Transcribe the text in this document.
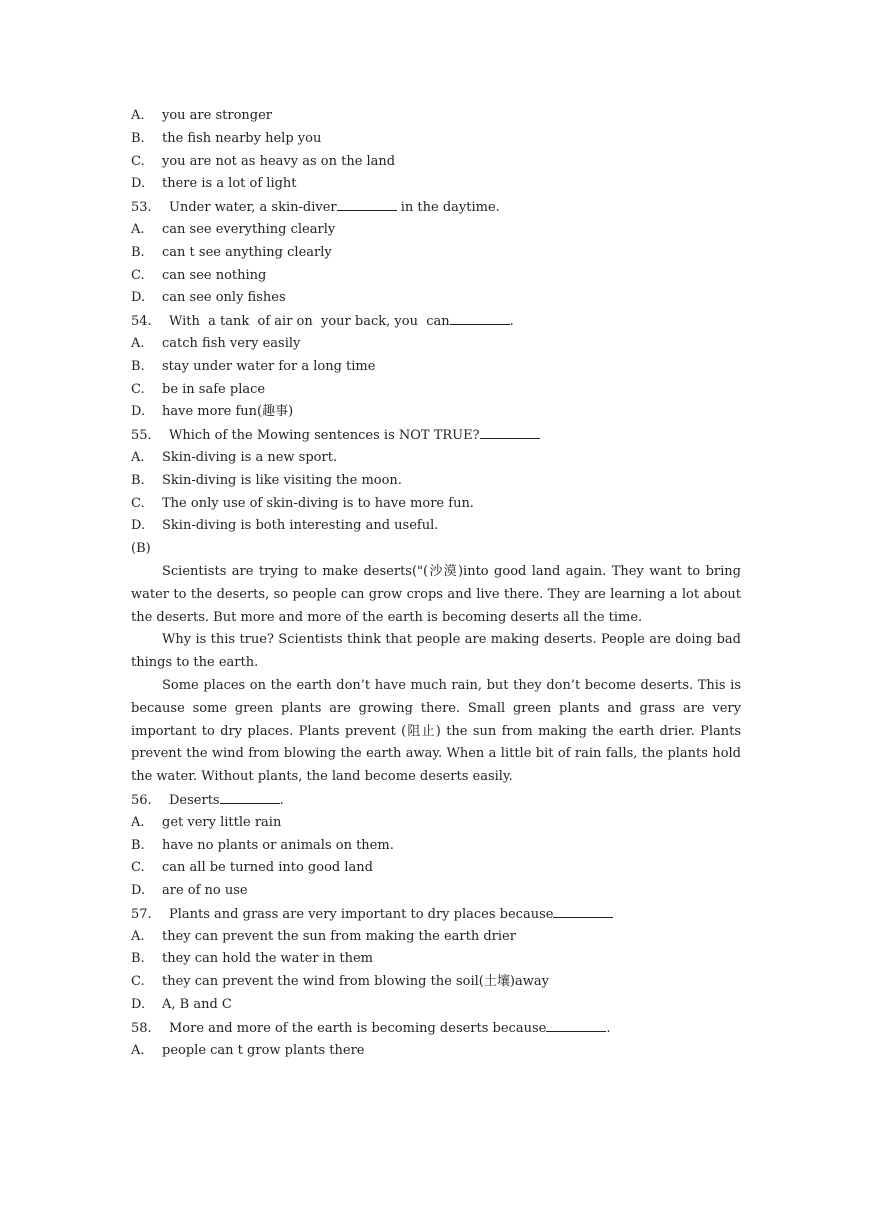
A.	you are stronger
B.	the fish nearby help you
C.	you are not as heavy as on the land
D.	there is a lot of light
53. Under water, a skin-diver	in the daytime.
A.	can see everything clearly
B.	can t see anything clearly
C.	can see nothing
D.	can see only fishes
54. With  a tank  of air on  your back, you  can	.
A.	catch fish very easily
B.	stay under water for a long time
C.	be in safe place
D.	have more fun(趣事)
55. Which of the Mowing sentences is NOT TRUE?
A.	Skin-diving is a new sport.
B.	Skin-diving is like visiting the moon.
C.	The only use of skin-diving is to have more fun.
D.	Skin-diving is both interesting and useful.
(B)

Scientists are trying to make deserts("(沙漠)into good land again. They want to bring water to the deserts, so people can grow crops and live there. They are learning a lot about the deserts. But more and more of the earth is becoming deserts all the time.

Why is this true? Scientists think that people are making deserts. People are doing bad things to the earth.

Some places on the earth don’t have much rain, but they don’t become deserts. This is because some green plants are growing there. Small green plants and grass are very important to dry places. Plants prevent (阻止) the sun from making the earth drier. Plants prevent the wind from blowing the earth away. When a little bit of rain falls, the plants hold the water. Without plants, the land become deserts easily.

56. Deserts	.
A.	get very little rain
B.	have no plants or animals on them.
C.	can all be turned into good land
D.	are of no use
57. Plants and grass are very important to dry places because
A.	they can prevent the sun from making the earth drier
B.	they can hold the water in them
C.	they can prevent the wind from blowing the soil(土壤)away
D.	A, B and C
58. More and more of the earth is becoming deserts because	.
A.	people can t grow plants there
